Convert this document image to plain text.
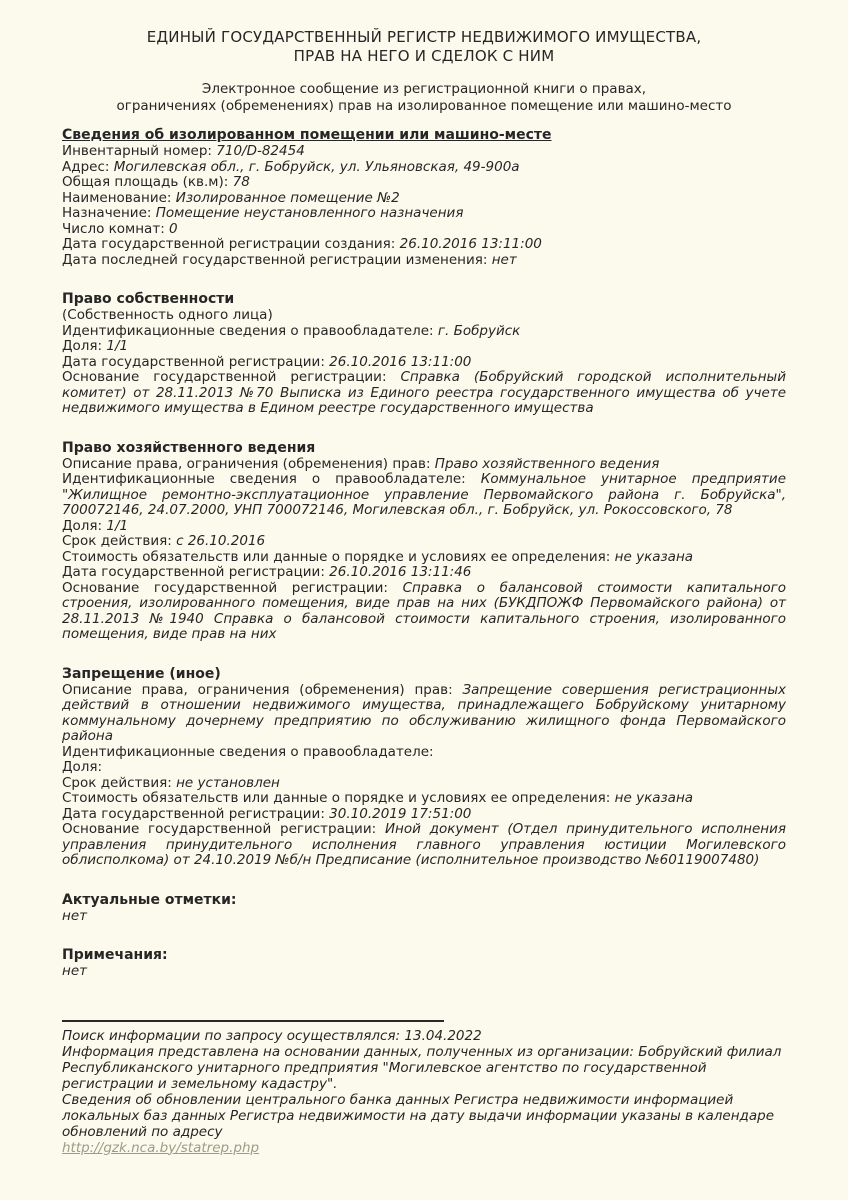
ЕДИНЫЙ ГОСУДАРСТВЕННЫЙ РЕГИСТР НЕДВИЖИМОГО ИМУЩЕСТВА,
ПРАВ НА НЕГО И СДЕЛОК С НИМ
Электронное сообщение из регистрационной книги о правах,
ограничениях (обременениях) прав на изолированное помещение или машино-место
Сведения об изолированном помещении или машино-месте
Инвентарный номер: 710/D-82454
Адрес: Могилевская обл., г. Бобруйск, ул. Ульяновская, 49-900а
Общая площадь (кв.м): 78
Наименование: Изолированное помещение №2
Назначение: Помещение неустановленного назначения
Число комнат: 0
Дата государственной регистрации создания: 26.10.2016 13:11:00
Дата последней государственной регистрации изменения: нет
Право собственности
(Собственность одного лица)
Идентификационные сведения о правообладателе: г. Бобруйск
Доля: 1/1
Дата государственной регистрации: 26.10.2016 13:11:00
Основание государственной регистрации: Справка (Бобруйский городской исполнительный комитет) от 28.11.2013 №70 Выписка из Единого реестра государственного имущества об учете недвижимого имущества в Едином реестре государственного имущества
Право хозяйственного ведения
Описание права, ограничения (обременения) прав: Право хозяйственного ведения
Идентификационные сведения о правообладателе: Коммунальное унитарное предприятие "Жилищное ремонтно-эксплуатационное управление Первомайского района г. Бобруйска", 700072146, 24.07.2000, УНП 700072146, Могилевская обл., г. Бобруйск, ул. Рокоссовского, 78
Доля: 1/1
Срок действия: с 26.10.2016
Стоимость обязательств или данные о порядке и условиях ее определения: не указана
Дата государственной регистрации: 26.10.2016 13:11:46
Основание государственной регистрации: Справка о балансовой стоимости капитального строения, изолированного помещения, виде прав на них (БУКДПОЖФ Первомайского района) от 28.11.2013 №1940 Справка о балансовой стоимости капитального строения, изолированного помещения, виде прав на них
Запрещение (иное)
Описание права, ограничения (обременения) прав: Запрещение совершения регистрационных действий в отношении недвижимого имущества, принадлежащего Бобруйскому унитарному коммунальному дочернему предприятию по обслуживанию жилищного фонда Первомайского района
Идентификационные сведения о правообладателе:
Доля:
Срок действия: не установлен
Стоимость обязательств или данные о порядке и условиях ее определения: не указана
Дата государственной регистрации: 30.10.2019 17:51:00
Основание государственной регистрации: Иной документ (Отдел принудительного исполнения управления принудительного исполнения главного управления юстиции Могилевского облисполкома) от 24.10.2019 №б/н Предписание (исполнительное производство №60119007480)
Актуальные отметки:
нет
Примечания:
нет

Поиск информации по запросу осуществлялся: 13.04.2022

Информация представлена на основании данных, полученных из организации: Бобруйский филиал Республиканского унитарного предприятия "Могилевское агентство по государственной регистрации и земельному кадастру".

Сведения об обновлении центрального банка данных Регистра недвижимости информацией локальных баз данных Регистра недвижимости на дату выдачи информации указаны в календаре обновлений по адресу

http://gzk.nca.by/statrep.php
